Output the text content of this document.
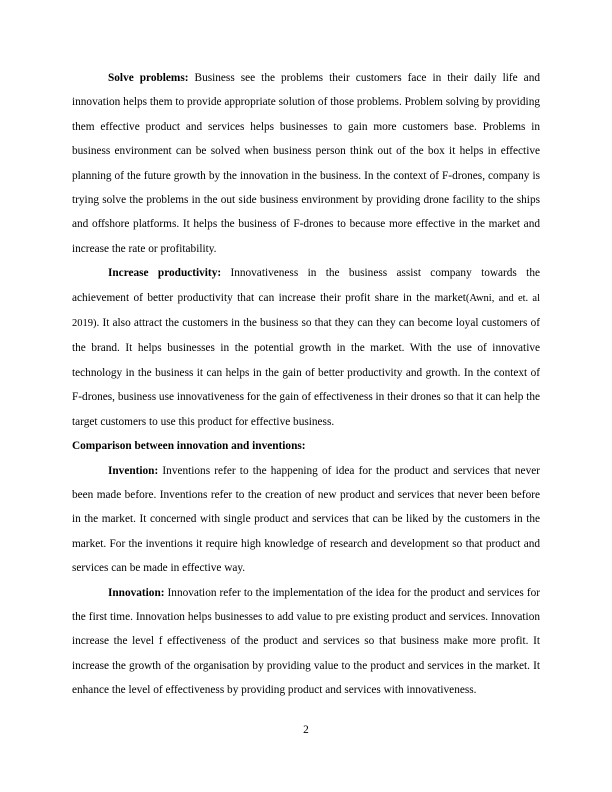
Solve problems: Business see the problems their customers face in their daily life and innovation helps them to provide appropriate solution of those problems. Problem solving by providing them effective product and services helps businesses to gain more customers base. Problems in business environment can be solved when business person think out of the box it helps in effective planning of the future growth by the innovation in the business. In the context of F-drones, company is trying solve the problems in the out side business environment by providing drone facility to the ships and offshore platforms. It helps the business of F-drones to because more effective in the market and increase the rate or profitability.

Increase productivity: Innovativeness in the business assist company towards the achievement of better productivity that can increase their profit share in the market(Awni, and et. al 2019). It also attract the customers in the business so that they can they can become loyal customers of the brand. It helps businesses in the potential growth in the market. With the use of innovative technology in the business it can helps in the gain of better productivity and growth. In the context of F-drones, business use innovativeness for the gain of effectiveness in their drones so that it can help the target customers to use this product for effective business.

Comparison between innovation and inventions:

Invention: Inventions refer to the happening of idea for the product and services that never been made before. Inventions refer to the creation of new product and services that never been before in the market. It concerned with single product and services that can be liked by the customers in the market. For the inventions it require high knowledge of research and development so that product and services can be made in effective way.

Innovation: Innovation refer to the implementation of the idea for the product and services for the first time. Innovation helps businesses to add value to pre existing product and services. Innovation increase the level f effectiveness of the product and services so that business make more profit. It increase the growth of the organisation by providing value to the product and services in the market. It enhance the level of effectiveness by providing product and services with innovativeness.

2
